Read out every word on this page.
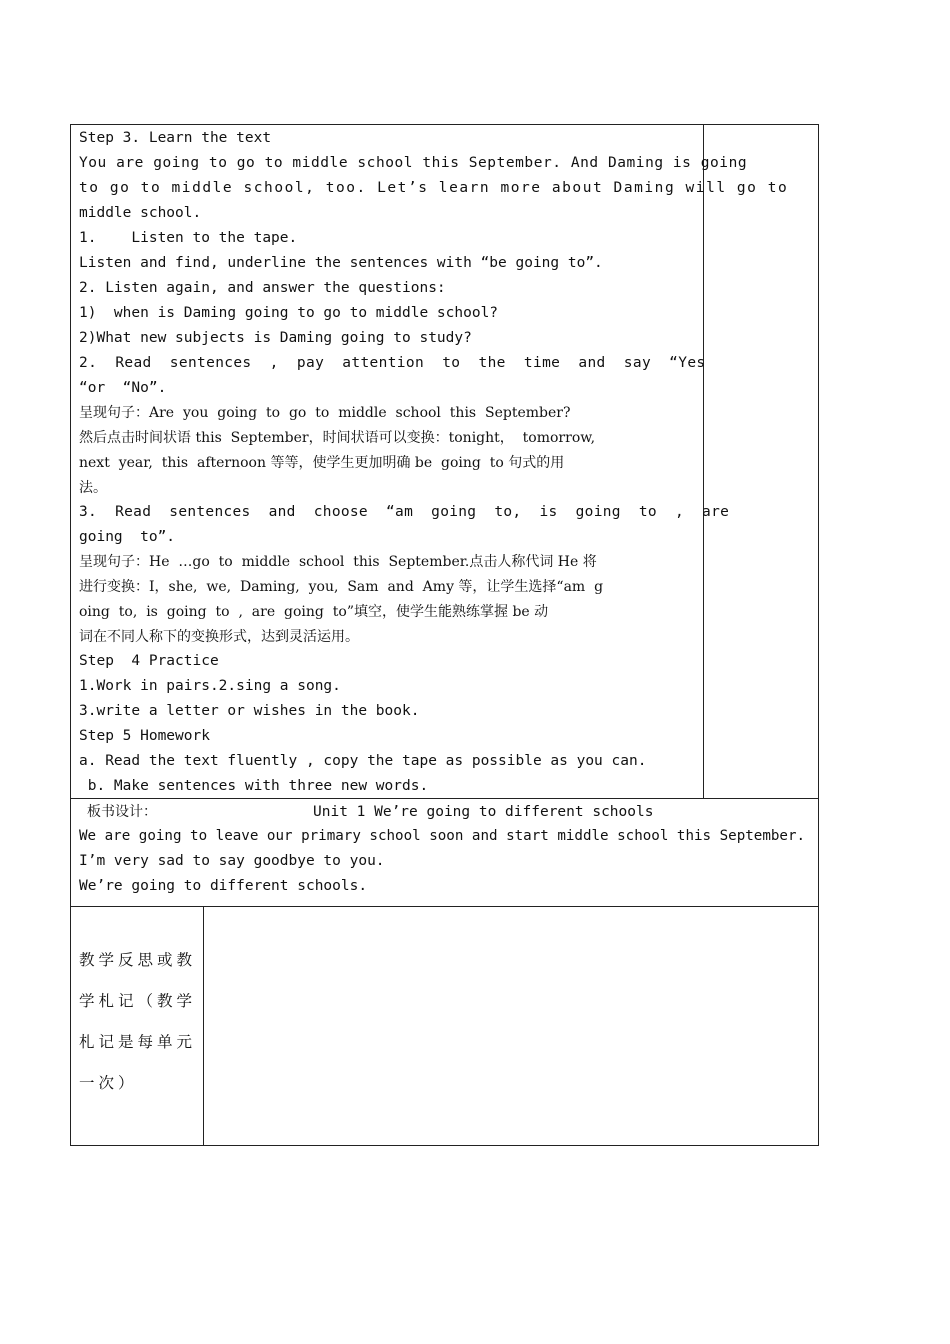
Step 3. Learn the text
You are going to go to middle school this September. And Daming is going
to go to middle school, too. Let’s learn more about Daming will go to
middle school.
1.    Listen to the tape.
Listen and find, underline the sentences with “be going to”.
2. Listen again, and answer the questions:
1)  when is Daming going to go to middle school?
2)What new subjects is Daming going to study?
2.  Read  sentences  ,  pay  attention  to  the  time  and  say  “Yes
“or  “No”.
呈现句子：Are  you  going  to  go  to  middle  school  this  September?
然后点击时间状语 this  September，时间状语可以变换：tonight，  tomorrow,
next  year,  this  afternoon 等等，使学生更加明确 be  going  to 句式的用
法。
3.  Read  sentences  and  choose  “am  going  to,  is  going  to  ,  are
going  to”.
呈现句子：He  …go  to  middle  school  this  September.点击人称代词 He 将
进行变换：I，she,  we,  Daming,  you,  Sam  and  Amy 等，让学生选择“am  g
oing  to,  is  going  to  ,  are  going  to”填空，使学生能熟练掌握 be 动
词在不同人称下的变换形式，达到灵活运用。
Step  4 Practice
1.Work in pairs.2.sing a song.
3.write a letter or wishes in the book.
Step 5 Homework
a. Read the text fluently , copy the tape as possible as you can.
b. Make sentences with three new words.
板书设计：	Unit 1 We’re going to different schools
We are going to leave our primary school soon and start middle school this September.
I’m very sad to say goodbye to you.
We’re going to different schools.
教学反思或教
学札记（教学
札记是每单元
一次）
